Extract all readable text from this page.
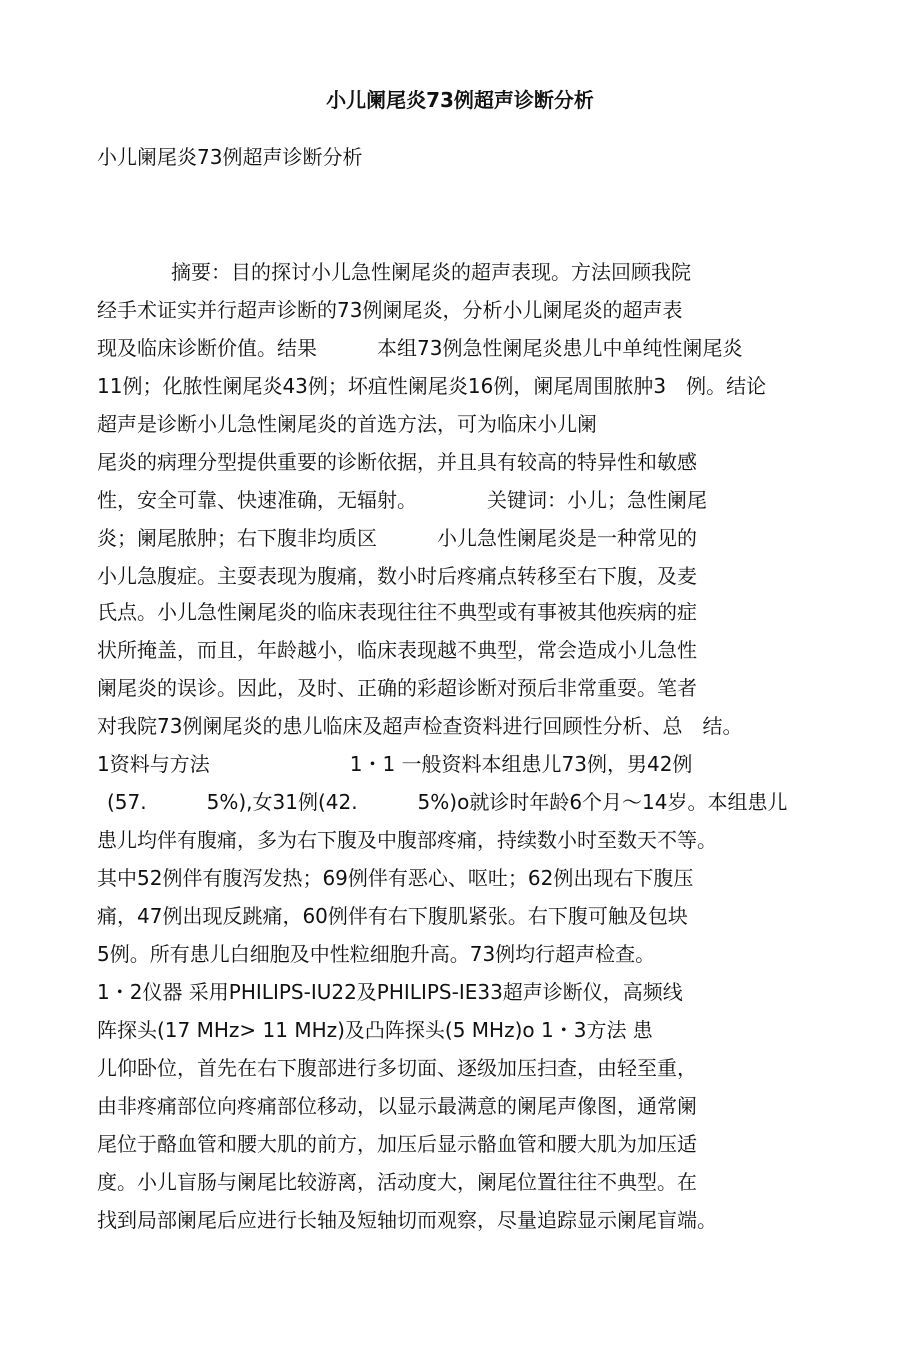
小儿阑尾炎73例超声诊断分析
小儿阑尾炎73例超声诊断分析
摘要：目的探讨小儿急性阑尾炎的超声表现。方法回顾我院
经手术证实并行超声诊断的73例阑尾炎，分析小儿阑尾炎的超声表
现及临床诊断价值。结果　　　本组73例急性阑尾炎患儿中单纯性阑尾炎
11例；化脓性阑尾炎43例；坏疽性阑尾炎16例，阑尾周围脓肿3　例。结论
超声是诊断小儿急性阑尾炎的首选方法，可为临床小儿阑
尾炎的病理分型提供重要的诊断依据，并且具有较高的特异性和敏感
性，安全可靠、快速准确，无辐射。　　　　关键词：小儿；急性阑尾
炎；阑尾脓肿；右下腹非均质区　　　小儿急性阑尾炎是一种常见的
小儿急腹症。主耍表现为腹痛，数小时后疼痛点转移至右下腹，及麦
氏点。小儿急性阑尾炎的临床表现往往不典型或有事被其他疾病的症
状所掩盖，而且，年龄越小，临床表现越不典型，常会造成小儿急性
阑尾炎的误诊。因此，及时、正确的彩超诊断对预后非常重耍。笔者
对我院73例阑尾炎的患儿临床及超声检查资料进行回顾性分析、总　结。
1资料与方法　　　　　　　1・1 一般资料本组患儿73例，男42例
(57.　　　5%),女31例(42.　　　5%)o就诊时年龄6个月～14岁。本组患儿
患儿均伴有腹痛，多为右下腹及中腹部疼痛，持续数小时至数天不等。
其中52例伴有腹泻发热；69例伴有恶心、呕吐；62例出现右下腹压
痛，47例出现反跳痛，60例伴有右下腹肌紧张。右下腹可触及包块
5例。所有患儿白细胞及中性粒细胞升高。73例均行超声检查。
1・2仪器 采用PHILIPS-IU22及PHILIPS-IE33超声诊断仪，高频线
阵探头(17 MHz> 11 MHz)及凸阵探头(5 MHz)o 1・3方法 患
儿仰卧位，首先在右下腹部进行多切面、逐级加压扫查，由轻至重，
由非疼痛部位向疼痛部位移动，以显示最满意的阑尾声像图，通常阑
尾位于酪血管和腰大肌的前方，加压后显示骼血管和腰大肌为加压适
度。小儿盲肠与阑尾比较游离，活动度大，阑尾位置往往不典型。在
找到局部阑尾后应进行长轴及短轴切而观察，尽量追踪显示阑尾盲端。
